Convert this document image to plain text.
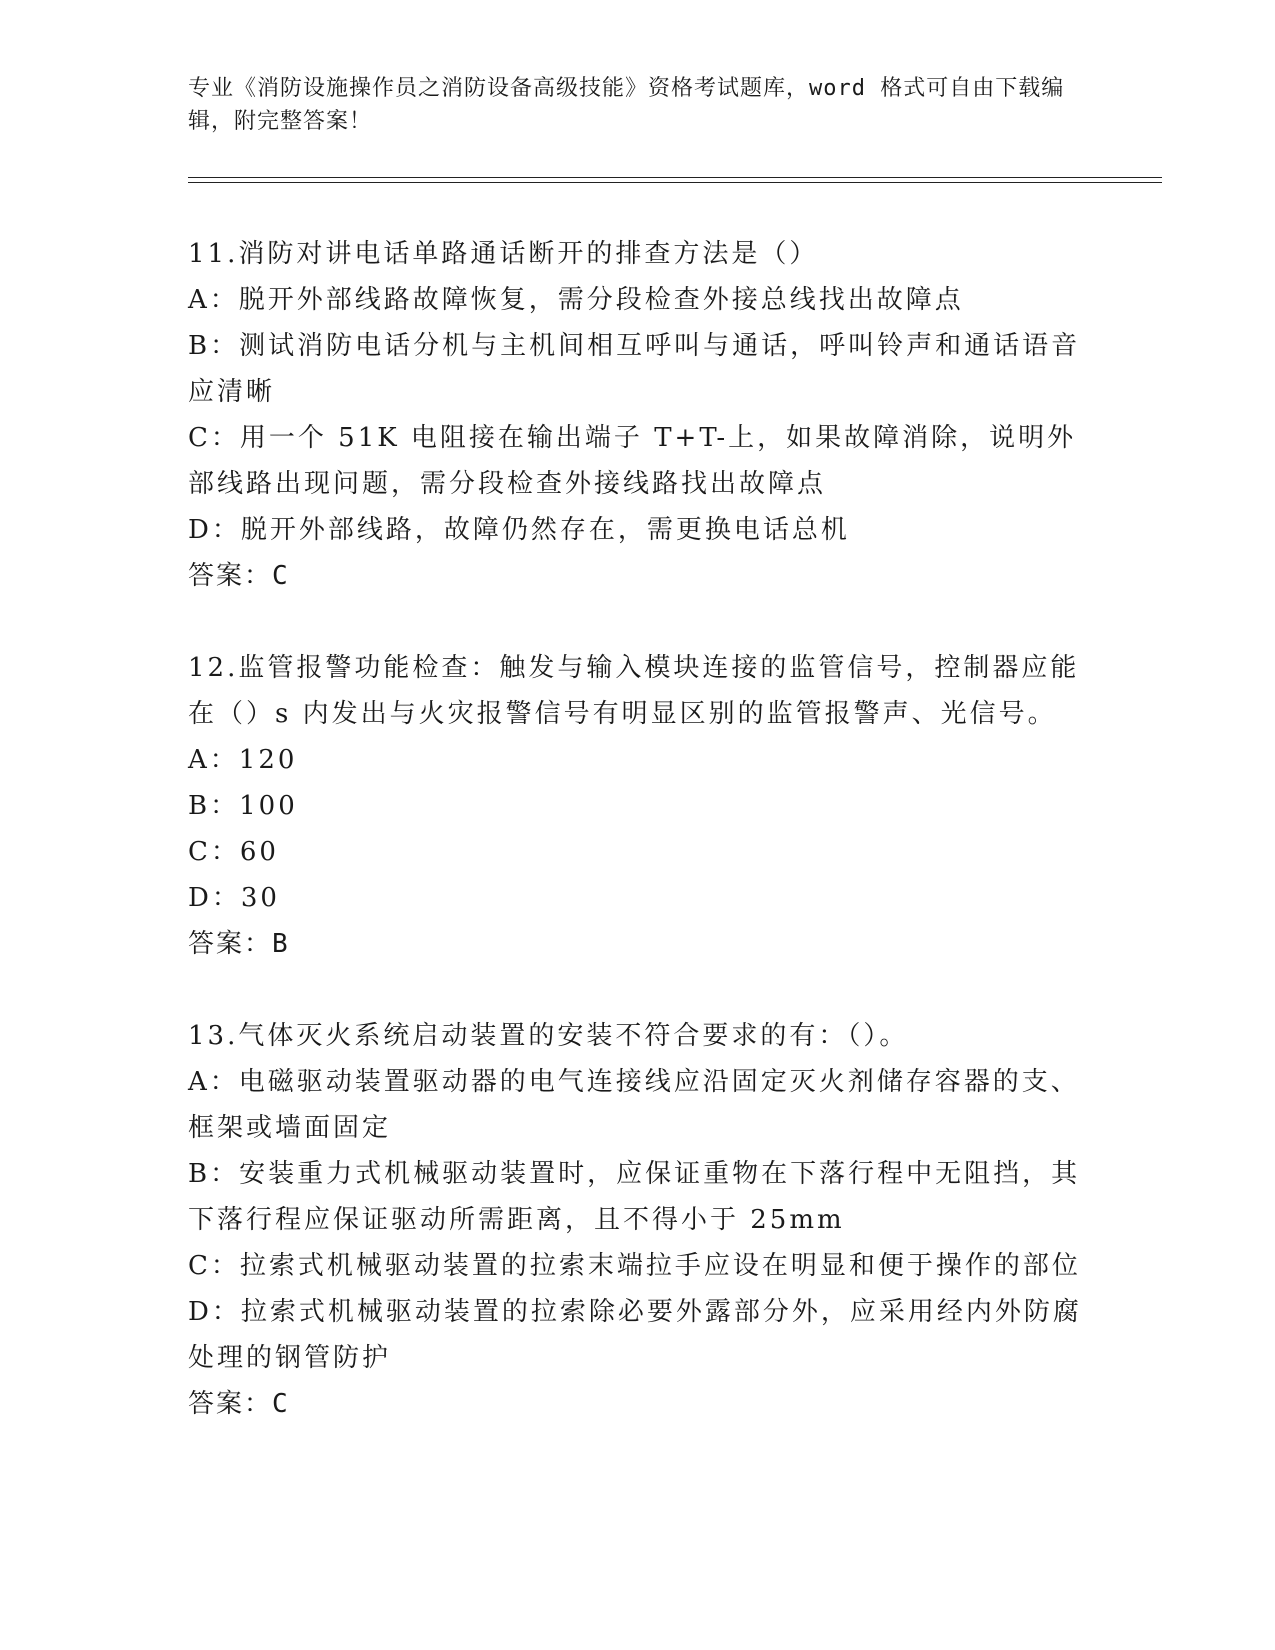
专业《消防设施操作员之消防设备高级技能》资格考试题库，word 格式可自由下载编辑，附完整答案！
11.消防对讲电话单路通话断开的排查方法是（）
A：脱开外部线路故障恢复，需分段检查外接总线找出故障点
B：测试消防电话分机与主机间相互呼叫与通话，呼叫铃声和通话语音应清晰
C：用一个 51K 电阻接在输出端子 T+T-上，如果故障消除，说明外部线路出现问题，需分段检查外接线路找出故障点
D：脱开外部线路，故障仍然存在，需更换电话总机
答案：C
12.监管报警功能检查：触发与输入模块连接的监管信号，控制器应能在（）s 内发出与火灾报警信号有明显区别的监管报警声、光信号。
A：120
B：100
C：60
D：30
答案：B
13.气体灭火系统启动装置的安装不符合要求的有：（）。
A：电磁驱动装置驱动器的电气连接线应沿固定灭火剂储存容器的支、框架或墙面固定
B：安装重力式机械驱动装置时，应保证重物在下落行程中无阻挡，其下落行程应保证驱动所需距离，且不得小于 25mm
C：拉索式机械驱动装置的拉索末端拉手应设在明显和便于操作的部位
D：拉索式机械驱动装置的拉索除必要外露部分外，应采用经内外防腐处理的钢管防护
答案：C
